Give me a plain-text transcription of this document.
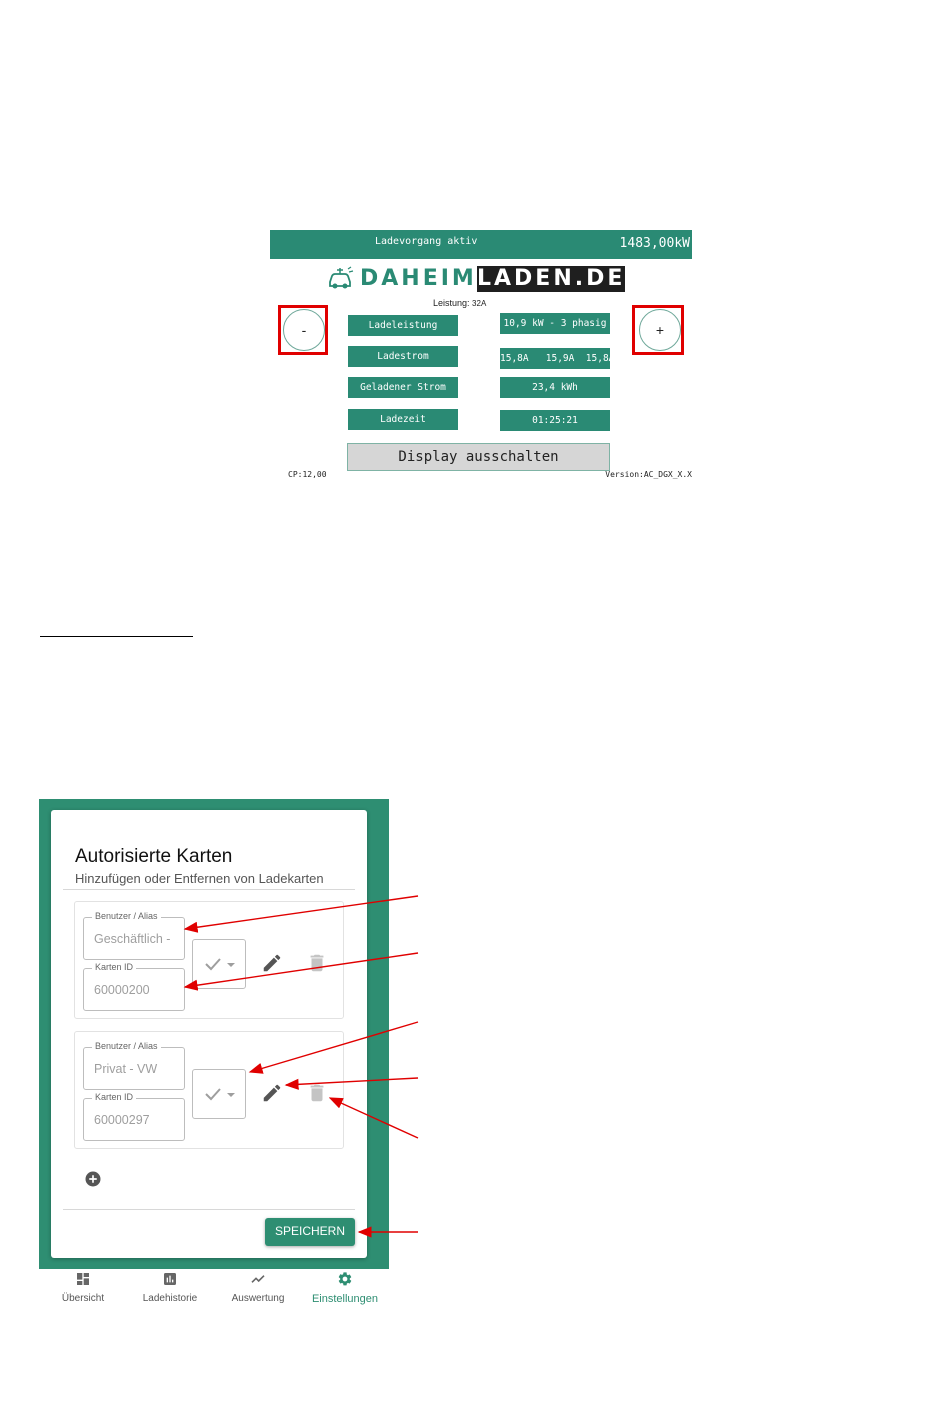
Ladevorgang aktiv	1483,00kW
DAHEIM LADEN.DE
Leistung: 32A
-	+
Ladeleistung	10,9 kW - 3 phasig
Ladestrom	15,8A   15,9A  15,8A
Geladener Strom	23,4 kWh
Ladezeit	01:25:21
Display ausschalten
CP:12,00	Version:AC_DGX_X.X
Autorisierte Karten
Hinzufügen oder Entfernen von Ladekarten
Benutzer / Alias
Geschäftlich -
Karten ID
60000200
Benutzer / Alias
Privat - VW
Karten ID
60000297
SPEICHERN
Übersicht	Ladehistorie	Auswertung	Einstellungen
